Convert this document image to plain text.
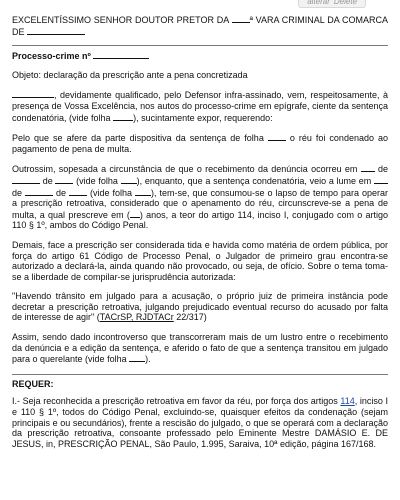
alterar Delete

EXCELENTÍSSIMO SENHOR DOUTOR PRETOR DA ª VARA CRIMINAL DA COMARCA DE

Processo-crime nº

Objeto: declaração da prescrição ante a pena concretizada

, devidamente qualificado, pelo Defensor infra-assinado, vem, respeitosamente, à presença de Vossa Excelência, nos autos do processo-crime em epígrafe, ciente da sentença condenatória, (vide folha ), sucintamente expor, requerendo:

Pelo que se afere da parte dispositiva da sentença de folha  o réu foi condenado ao pagamento de pena de multa.

Outrossim, sopesada a circunstância de que o recebimento da denúncia ocorreu em  de  de  (vide folha ), enquanto, que a sentença condenatória, veio a lume em  de	de  (vide folha ), tem-se, que consumou-se o lapso de tempo para operar a prescrição retroativa, considerado que o apenamento do réu, circunscreve-se a pena de multa, a qual prescreve em ( ) anos, a teor do artigo 114, inciso I, conjugado com o artigo 110 § 1º, ambos do Código Penal.

Demais, face a prescrição ser considerada tida e havida como matéria de ordem pública, por força do artigo 61 Código de Processo Penal, o Julgador de primeiro grau encontra-se autorizado a declará-la, ainda quando não provocado, ou seja, de ofício. Sobre o tema toma-se a liberdade de compilar-se jurisprudência autorizada:

"Havendo trânsito em julgado para a acusação, o próprio juiz de primeira instância pode decretar a prescrição retroativa, julgando prejudicado eventual recurso do acusado por falta de interesse de agir" (TACrSP, RJDTACr 22/317)

Assim, sendo dado incontroverso que transcorreram mais de um lustro entre o recebimento da denúncia e a edição da sentença, e aferido o fato de que a sentença transitou em julgado para o querelante (vide folha ).

REQUER:

I.- Seja reconhecida a prescrição retroativa em favor da réu, por força dos artigos 114, inciso I e 110 § 1º, todos do Código Penal, excluindo-se, quaisquer efeitos da condenação (sejam principais e ou secundários), frente a rescisão do julgado, o que se operará com a declaração da prescrição retroativa, consoante professado pelo Eminente Mestre DAMÁSIO E. DE JESUS, in, PRESCRIÇÃO PENAL, São Paulo, 1.995, Saraiva, 10ª edição, página 167/168.
